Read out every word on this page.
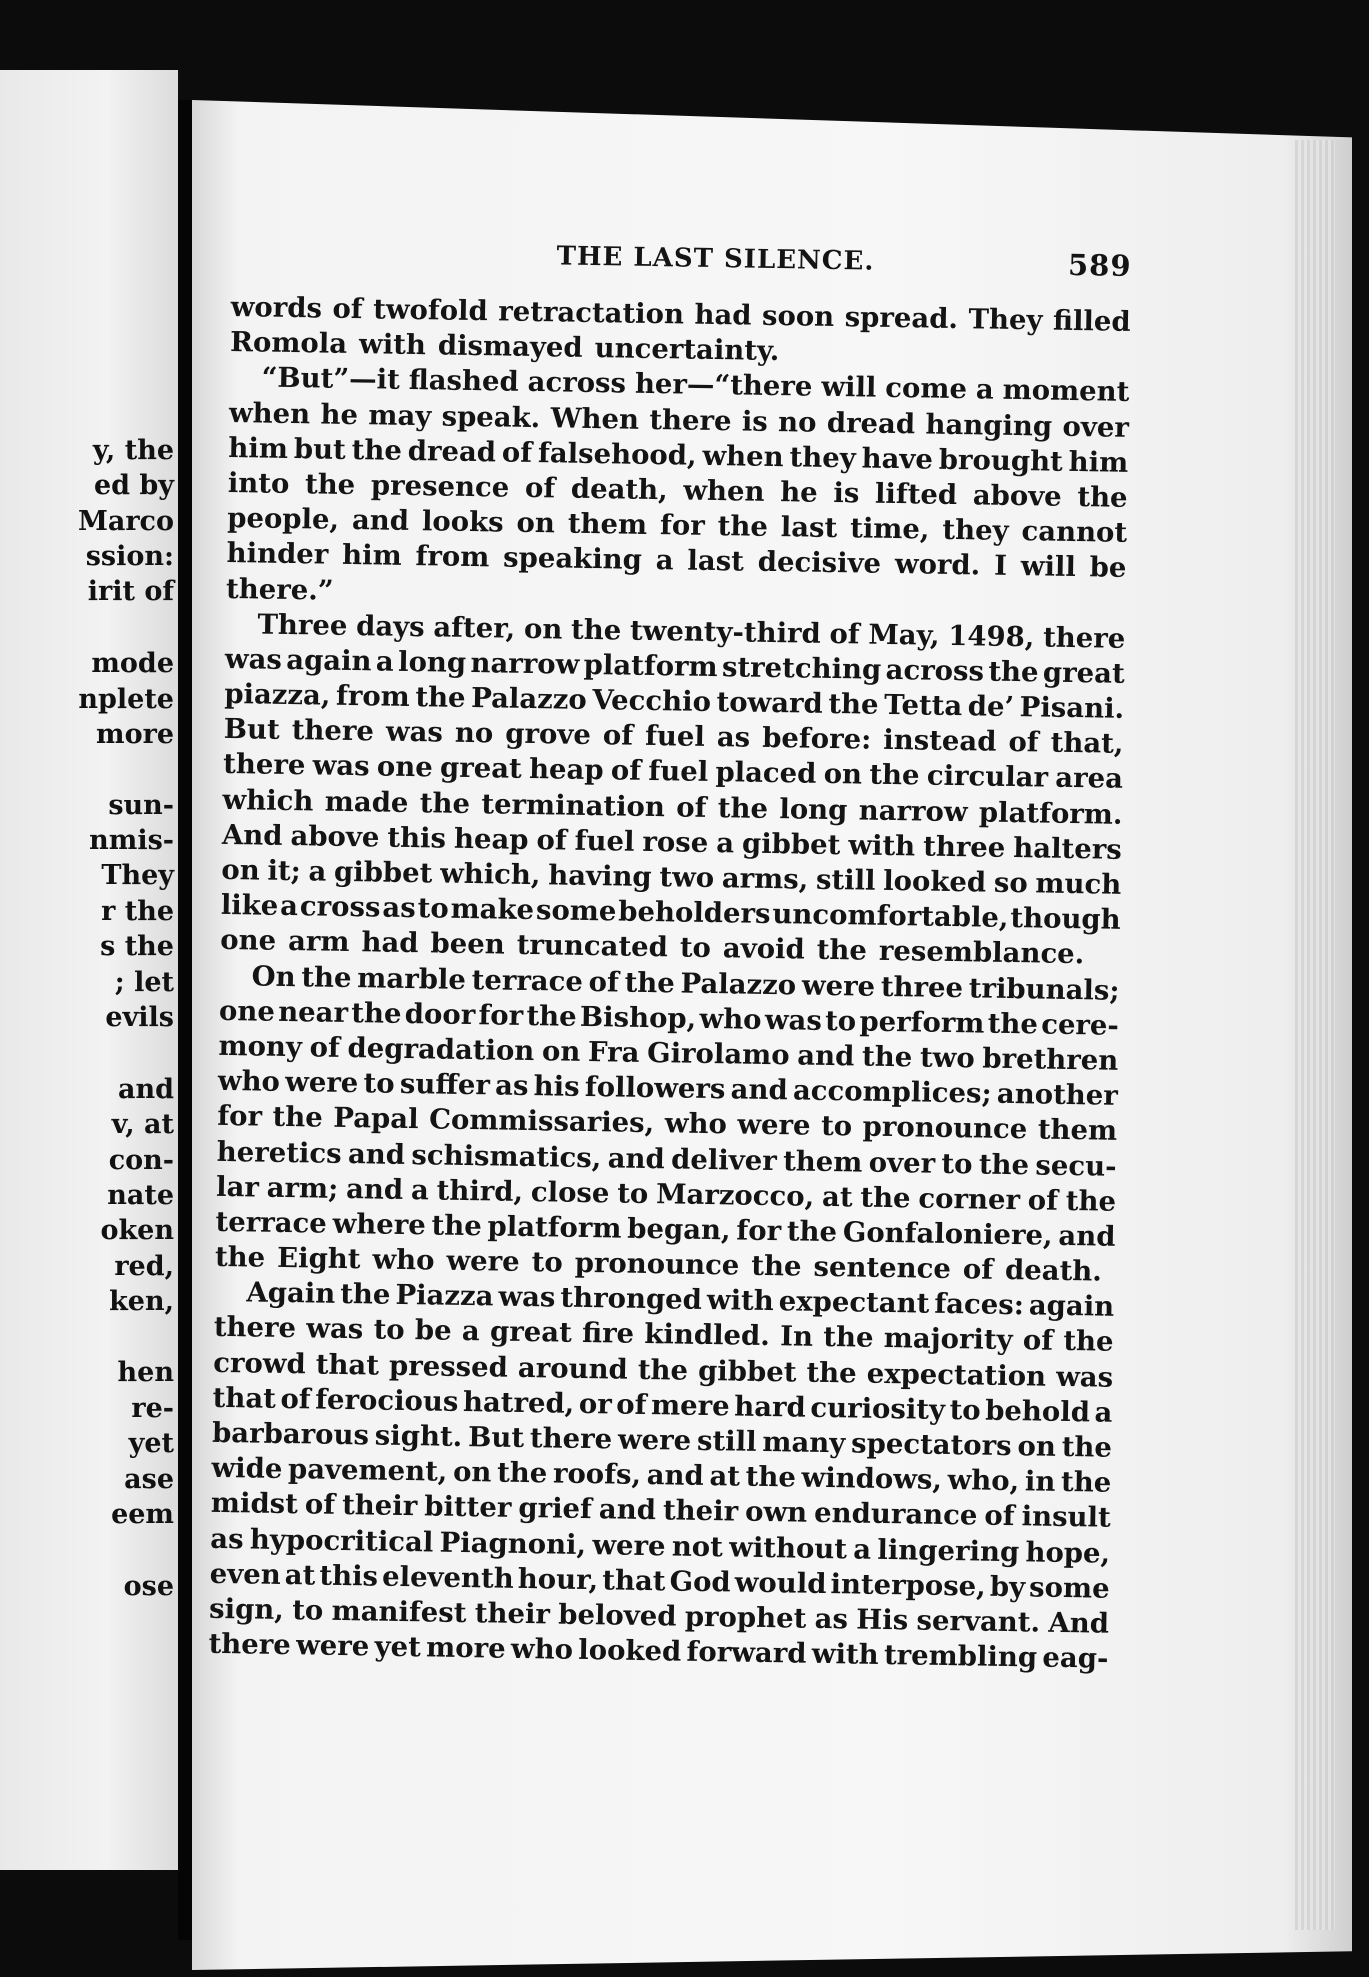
y, the
ed by
Marco
ssion:
irit of
mode
nplete
more
sun-
nmis-
They
r the
s the
; let
evils
and
v, at
con-
nate
oken
red,
ken,
hen
re-
yet
ase
eem
ose
THE LAST SILENCE.	589
words of twofold retractation had soon spread. They filled
Romola with dismayed uncertainty.
“But”—it flashed across her—“there will come a moment
when he may speak. When there is no dread hanging over
him but the dread of falsehood, when they have brought him
into the presence of death, when he is lifted above the
people, and looks on them for the last time, they cannot
hinder him from speaking a last decisive word. I will be
there.”
Three days after, on the twenty-third of May, 1498, there
was again a long narrow platform stretching across the great
piazza, from the Palazzo Vecchio toward the Tetta de’ Pisani.
But there was no grove of fuel as before: instead of that,
there was one great heap of fuel placed on the circular area
which made the termination of the long narrow platform.
And above this heap of fuel rose a gibbet with three halters
on it; a gibbet which, having two arms, still looked so much
like a cross as to make some beholders uncomfortable, though
one arm had been truncated to avoid the resemblance.
On the marble terrace of the Palazzo were three tribunals;
one near the door for the Bishop, who was to perform the cere-
mony of degradation on Fra Girolamo and the two brethren
who were to suffer as his followers and accomplices; another
for the Papal Commissaries, who were to pronounce them
heretics and schismatics, and deliver them over to the secu-
lar arm; and a third, close to Marzocco, at the corner of the
terrace where the platform began, for the Gonfaloniere, and
the Eight who were to pronounce the sentence of death.
Again the Piazza was thronged with expectant faces: again
there was to be a great fire kindled. In the majority of the
crowd that pressed around the gibbet the expectation was
that of ferocious hatred, or of mere hard curiosity to behold a
barbarous sight. But there were still many spectators on the
wide pavement, on the roofs, and at the windows, who, in the
midst of their bitter grief and their own endurance of insult
as hypocritical Piagnoni, were not without a lingering hope,
even at this eleventh hour, that God would interpose, by some
sign, to manifest their beloved prophet as His servant. And
there were yet more who looked forward with trembling eag-
